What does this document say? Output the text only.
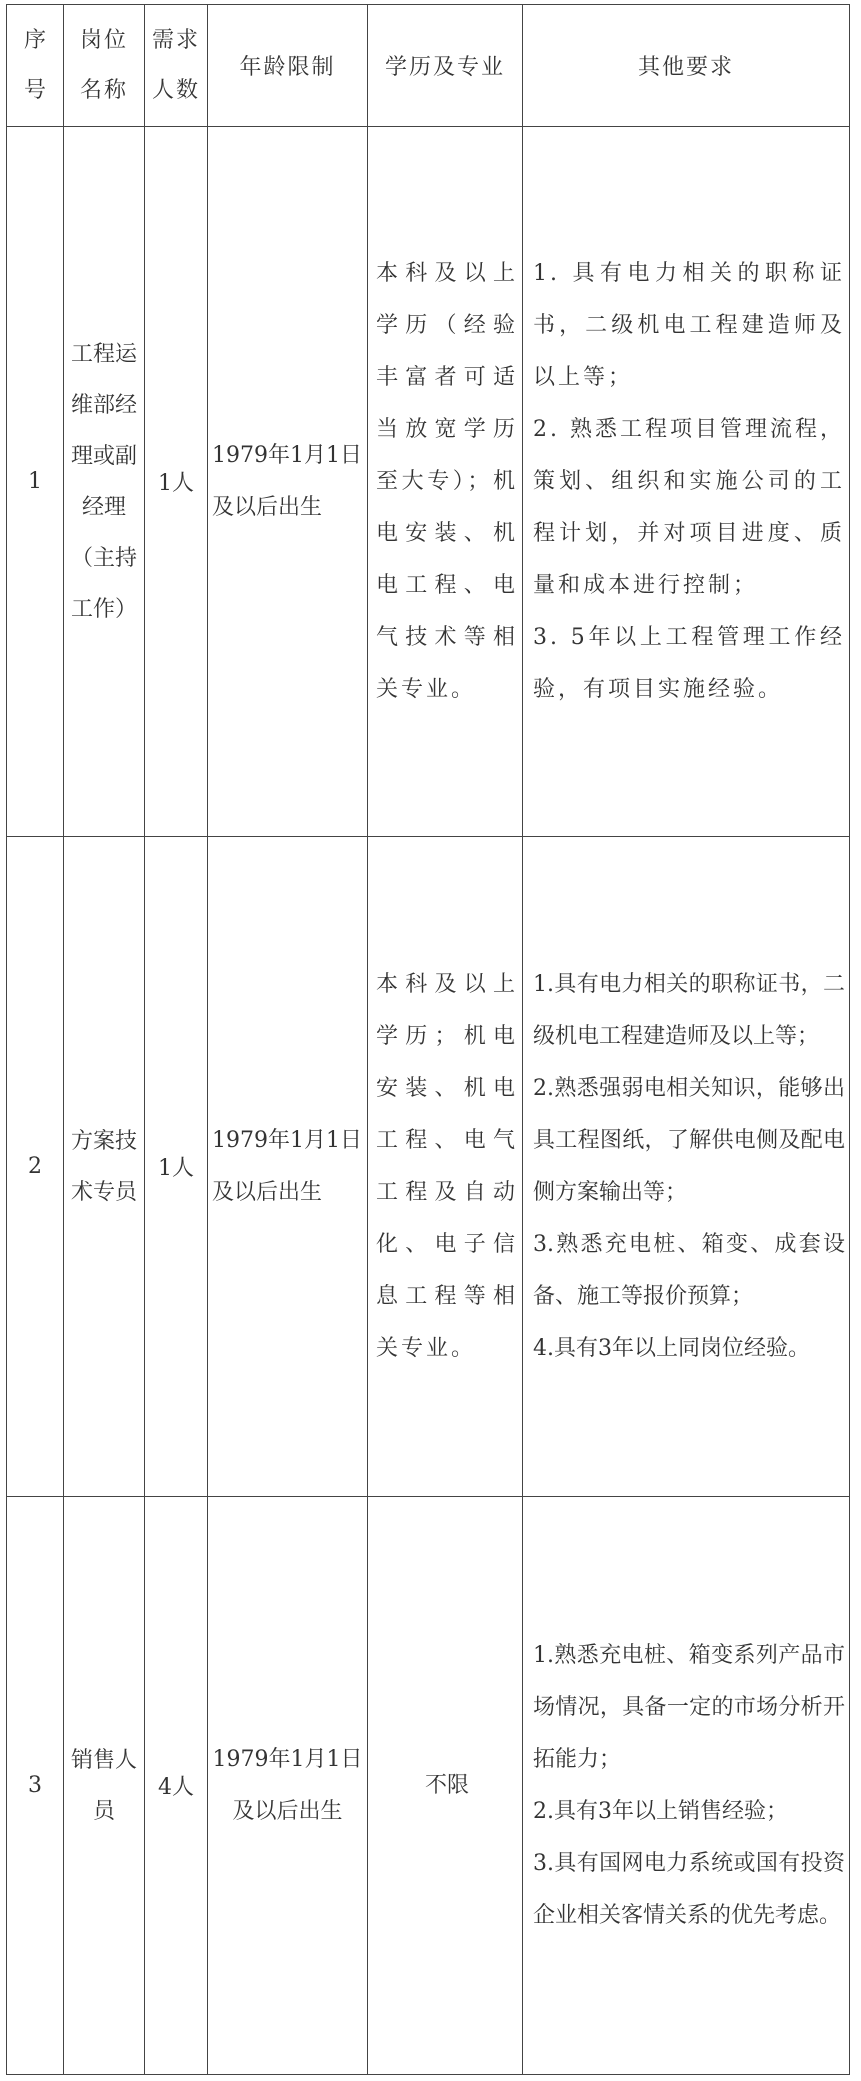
序号	岗位名称	需求人数	年龄限制	学历及专业	其他要求
1	工程运维部经理或副经理（主持工作）	1人	1979年1月1日及以后出生	本科及以上学历（经验丰富者可适当放宽学历至大专）；机电安装、机电工程、电气技术等相关专业。	1. 具有电力相关的职称证书，二级机电工程建造师及以上等；
2. 熟悉工程项目管理流程，策划、组织和实施公司的工程计划，并对项目进度、质量和成本进行控制；
3. 5年以上工程管理工作经验，有项目实施经验。

2	方案技术专员	1人	1979年1月1日及以后出生	本科及以上学历；机电安装、机电工程、电气工程及自动化、电子信息工程等相关专业。	1.具有电力相关的职称证书，二级机电工程建造师及以上等；
2.熟悉强弱电相关知识，能够出具工程图纸，了解供电侧及配电侧方案输出等；
3.熟悉充电桩、箱变、成套设备、施工等报价预算；
4.具有3年以上同岗位经验。

3	销售人员	4人	1979年1月1日及以后出生	不限	1.熟悉充电桩、箱变系列产品市场情况，具备一定的市场分析开拓能力；
2.具有3年以上销售经验；
3.具有国网电力系统或国有投资企业相关客情关系的优先考虑。
